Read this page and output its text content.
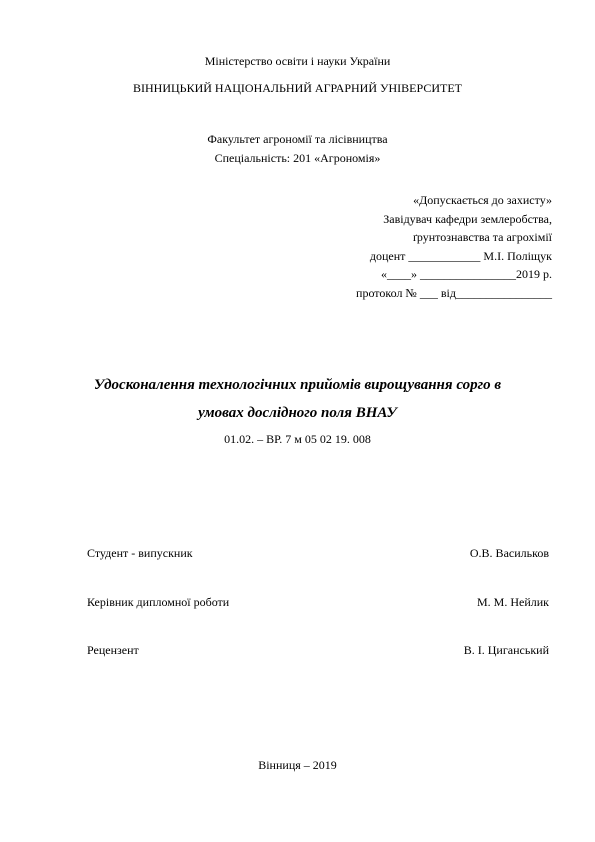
Міністерство освіти і науки України
ВІННИЦЬКИЙ НАЦІОНАЛЬНИЙ АГРАРНИЙ УНІВЕРСИТЕТ
Факультет агрономії та лісівництва
Спеціальність: 201 «Агрономія»
«Допускається до захисту»
Завідувач кафедри землеробства,
ґрунтознавства та агрохімії
доцент ____________ М.І. Поліщук
«____» ________________2019 р.
протокол № ___ від________________
Удосконалення технологічних прийомів вирощування сорго в
умовах дослідного поля ВНАУ
01.02. – ВР. 7 м 05 02 19. 008
Студент - випускник	О.В. Васильков
Керівник дипломної роботи	М. М. Нейлик
Рецензент	В. І. Циганський
Вінниця – 2019
